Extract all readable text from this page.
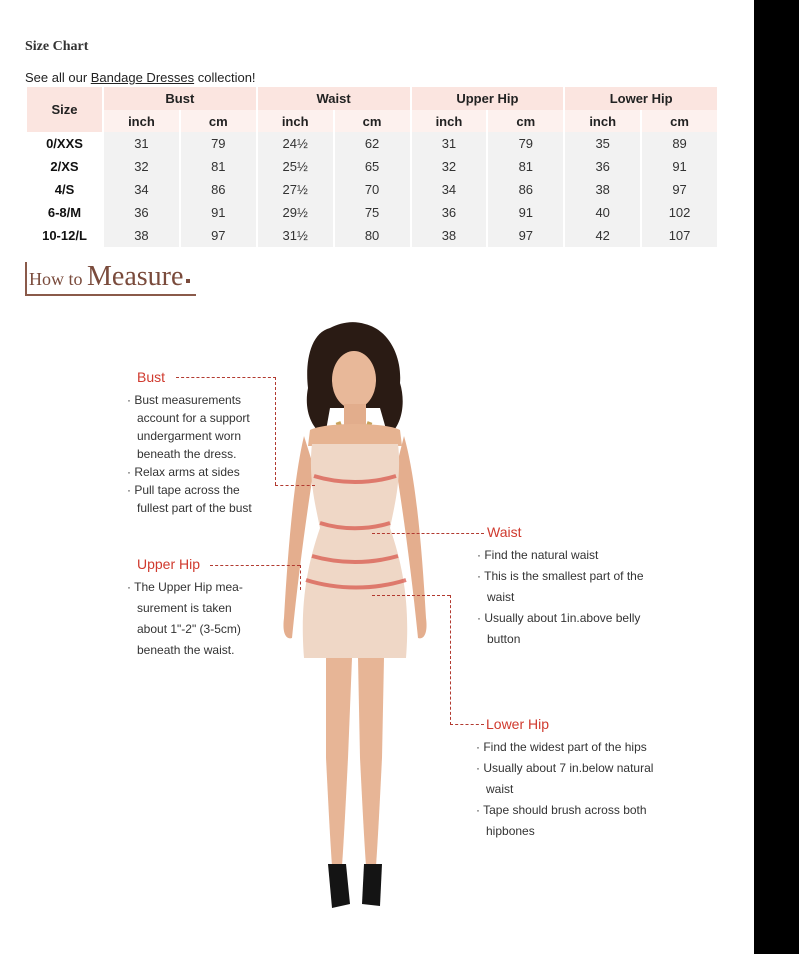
Size Chart
See all our Bandage Dresses collection!
Size	Bust		Waist		Upper Hip		Lower Hip	
	inch	cm	inch	cm	inch	cm	inch	cm
0/XXS	31	79	24½	62	31	79	35	89
2/XS	32	81	25½	65	32	81	36	91
4/S	34	86	27½	70	34	86	38	97
6-8/M	36	91	29½	75	36	91	40	102
10-12/L	38	97	31½	80	38	97	42	107
How to Measure
Bust
· Bust measurements
account for a support
undergarment worn
beneath the dress.
· Relax arms at sides
· Pull tape across the
fullest part of the bust
Upper Hip
· The Upper Hip mea-
surement is taken
about 1"-2" (3-5cm)
beneath the waist.
Waist
· Find the natural waist
· This is the smallest part of the
waist
· Usually about 1in.above belly
button
Lower Hip
· Find the widest part of the hips
· Usually about 7 in.below natural
waist
· Tape should brush across both
hipbones
